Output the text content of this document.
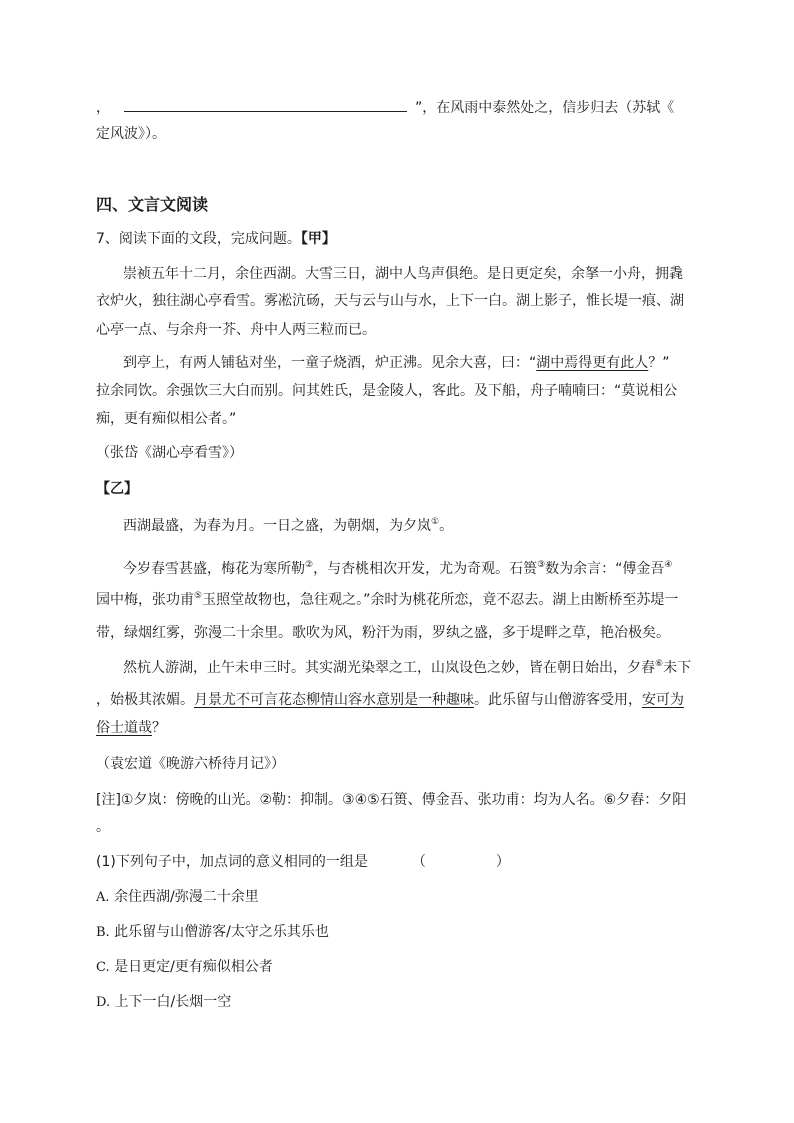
，	”，在风雨中泰然处之，信步归去（苏轼《
定风波》）。
四、文言文阅读
7、阅读下面的文段，完成问题。【甲】
崇祯五年十二月，余住西湖。大雪三日，湖中人鸟声俱绝。是日更定矣，余拏一小舟，拥毳
衣炉火，独往湖心亭看雪。雾凇沆砀，天与云与山与水，上下一白。湖上影子，惟长堤一痕、湖
心亭一点、与余舟一芥、舟中人两三粒而已。
到亭上，有两人铺毡对坐，一童子烧酒，炉正沸。见余大喜，曰：“湖中焉得更有此人？”
拉余同饮。余强饮三大白而别。问其姓氏，是金陵人，客此。及下船，舟子喃喃曰：“莫说相公
痴，更有痴似相公者。”
（张岱《湖心亭看雪》）
【乙】
西湖最盛，为春为月。一日之盛，为朝烟，为夕岚①。
今岁春雪甚盛，梅花为寒所勒②，与杏桃相次开发，尤为奇观。石篑③数为余言：“傅金吾④
园中梅，张功甫⑤玉照堂故物也，急往观之。”余时为桃花所恋，竟不忍去。湖上由断桥至苏堤一
带，绿烟红雾，弥漫二十余里。歌吹为风，粉汗为雨，罗纨之盛，多于堤畔之草，艳冶极矣。
然杭人游湖，止午未申三时。其实湖光染翠之工，山岚设色之妙，皆在朝日始出，夕舂⑥未下
，始极其浓媚。月景尤不可言花态柳情山容水意别是一种趣味。此乐留与山僧游客受用，安可为
俗士道哉？
（袁宏道《晚游六桥待月记》）
[注]①夕岚：傍晚的山光。②勒：抑制。③④⑤石篑、傅金吾、张功甫：均为人名。⑥夕舂：夕阳
。
(1)下列句子中，加点词的意义相同的一组是	（	）
A. 余住西湖/弥漫二十余里
B. 此乐留与山僧游客/太守之乐其乐也
C. 是日更定/更有痴似相公者
D. 上下一白/长烟一空
